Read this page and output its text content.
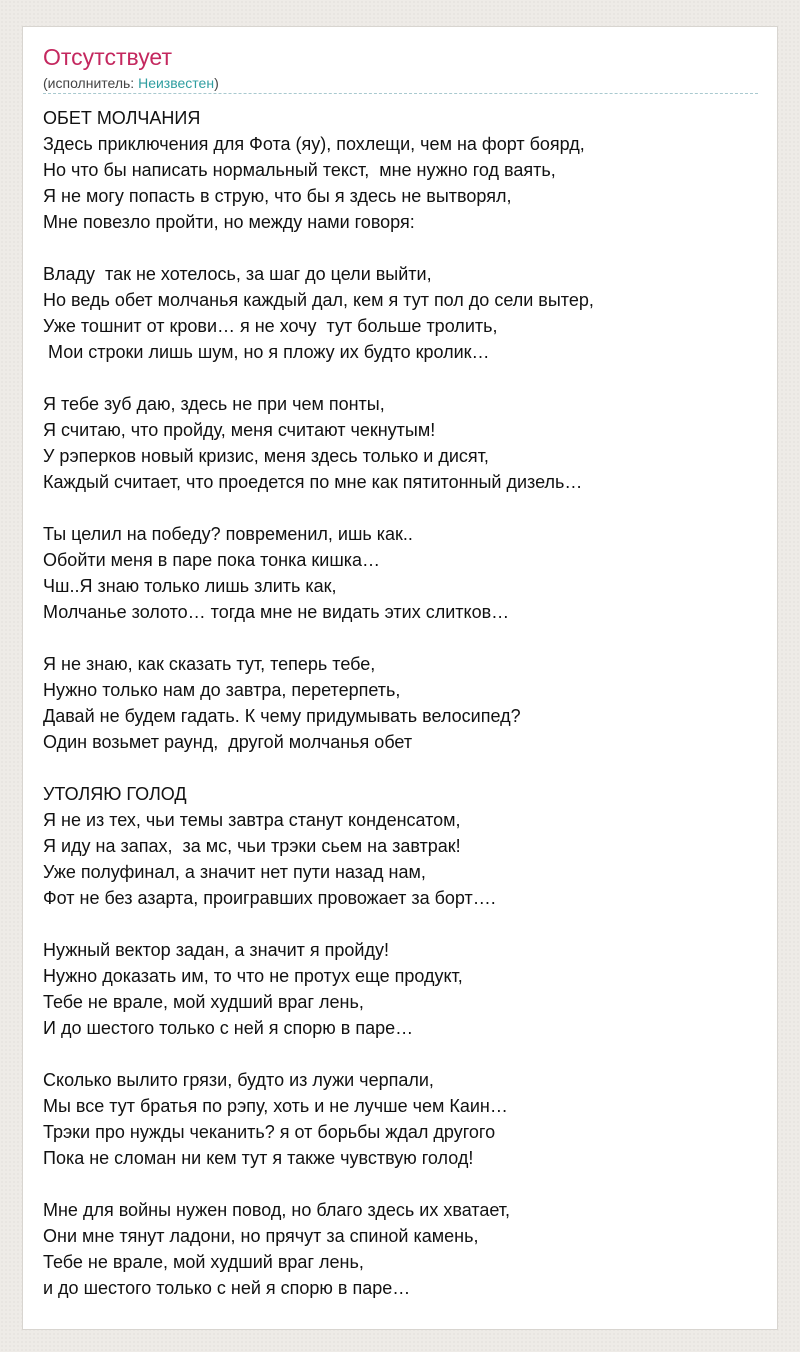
Отсутствует
(исполнитель: Неизвестен)
ОБЕТ МОЛЧАНИЯ
Здесь приключения для Фота (яу), похлещи, чем на форт боярд,
Но что бы написать нормальный текст,  мне нужно год ваять,
Я не могу попасть в струю, что бы я здесь не вытворял,
Мне повезло пройти, но между нами говоря:
Владу  так не хотелось, за шаг до цели выйти,
Но ведь обет молчанья каждый дал, кем я тут пол до сели вытер,
Уже тошнит от крови… я не хочу  тут больше тролить,
Мои строки лишь шум, но я пложу их будто кролик…
Я тебе зуб даю, здесь не при чем понты,
Я считаю, что пройду, меня считают чекнутым!
У рэперков новый кризис, меня здесь только и дисят,
Каждый считает, что проедется по мне как пятитонный дизель…
Ты целил на победу? повременил, ишь как..
Обойти меня в паре пока тонка кишка…
Чш..Я знаю только лишь злить как,
Молчанье золото… тогда мне не видать этих слитков…
Я не знаю, как сказать тут, теперь тебе,
Нужно только нам до завтра, перетерпеть,
Давай не будем гадать. К чему придумывать велосипед?
Один возьмет раунд,  другой молчанья обет
УТОЛЯЮ ГОЛОД
Я не из тех, чьи темы завтра станут конденсатом,
Я иду на запах,  за мс, чьи трэки сьем на завтрак!
Уже полуфинал, а значит нет пути назад нам,
Фот не без азарта, проигравших провожает за борт….
Нужный вектор задан, а значит я пройду!
Нужно доказать им, то что не протух еще продукт,
Тебе не врале, мой худший враг лень,
И до шестого только с ней я спорю в паре…
Сколько вылито грязи, будто из лужи черпали,
Мы все тут братья по рэпу, хоть и не лучше чем Каин…
Трэки про нужды чеканить? я от борьбы ждал другого
Пока не сломан ни кем тут я также чувствую голод!
Мне для войны нужен повод, но благо здесь их хватает,
Они мне тянут ладони, но прячут за спиной камень,
Тебе не врале, мой худший враг лень,
и до шестого только с ней я спорю в паре…
